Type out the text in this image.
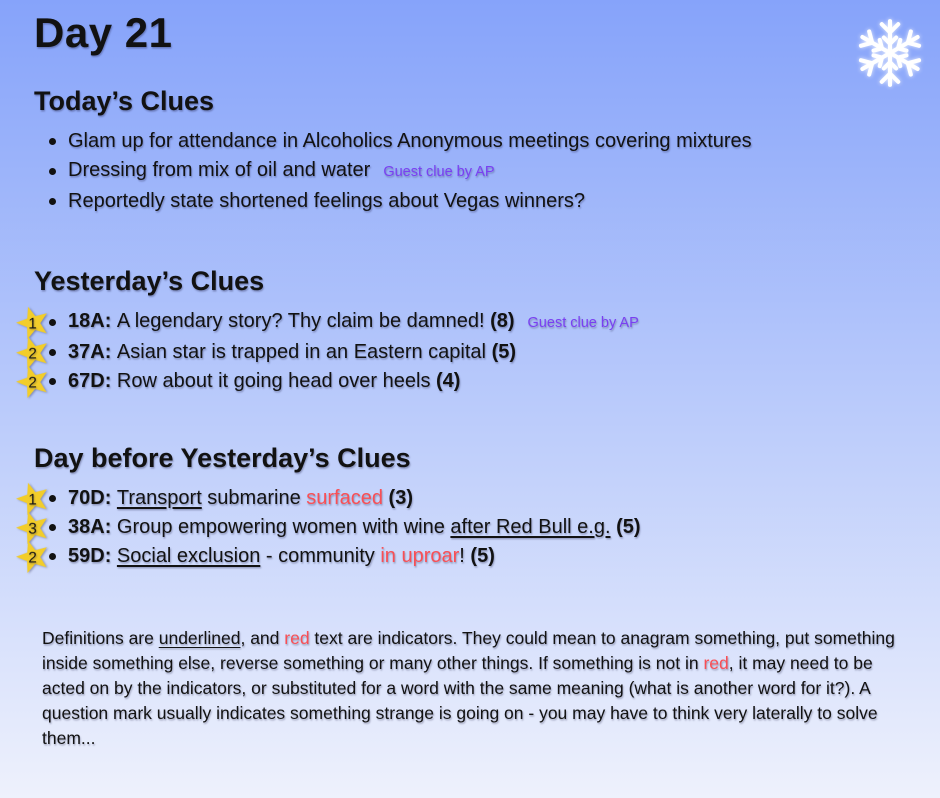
Day 21
Today’s Clues
Glam up for attendance in Alcoholics Anonymous meetings covering mixtures
Dressing from mix of oil and water Guest clue by AP
Reportedly state shortened feelings about Vegas winners?
Yesterday’s Clues
1 18A: A legendary story? Thy claim be damned! (8) Guest clue by AP
2 37A: Asian star is trapped in an Eastern capital (5)
2 67D: Row about it going head over heels (4)
Day before Yesterday’s Clues
1 70D: Transport submarine surfaced (3)
3 38A: Group empowering women with wine after Red Bull e.g. (5)
2 59D: Social exclusion - community in uproar! (5)

Definitions are underlined, and red text are indicators. They could mean to anagram something, put something inside something else, reverse something or many other things. If something is not in red, it may need to be acted on by the indicators, or substituted for a word with the same meaning (what is another word for it?). A question mark usually indicates something strange is going on - you may have to think very laterally to solve them...
